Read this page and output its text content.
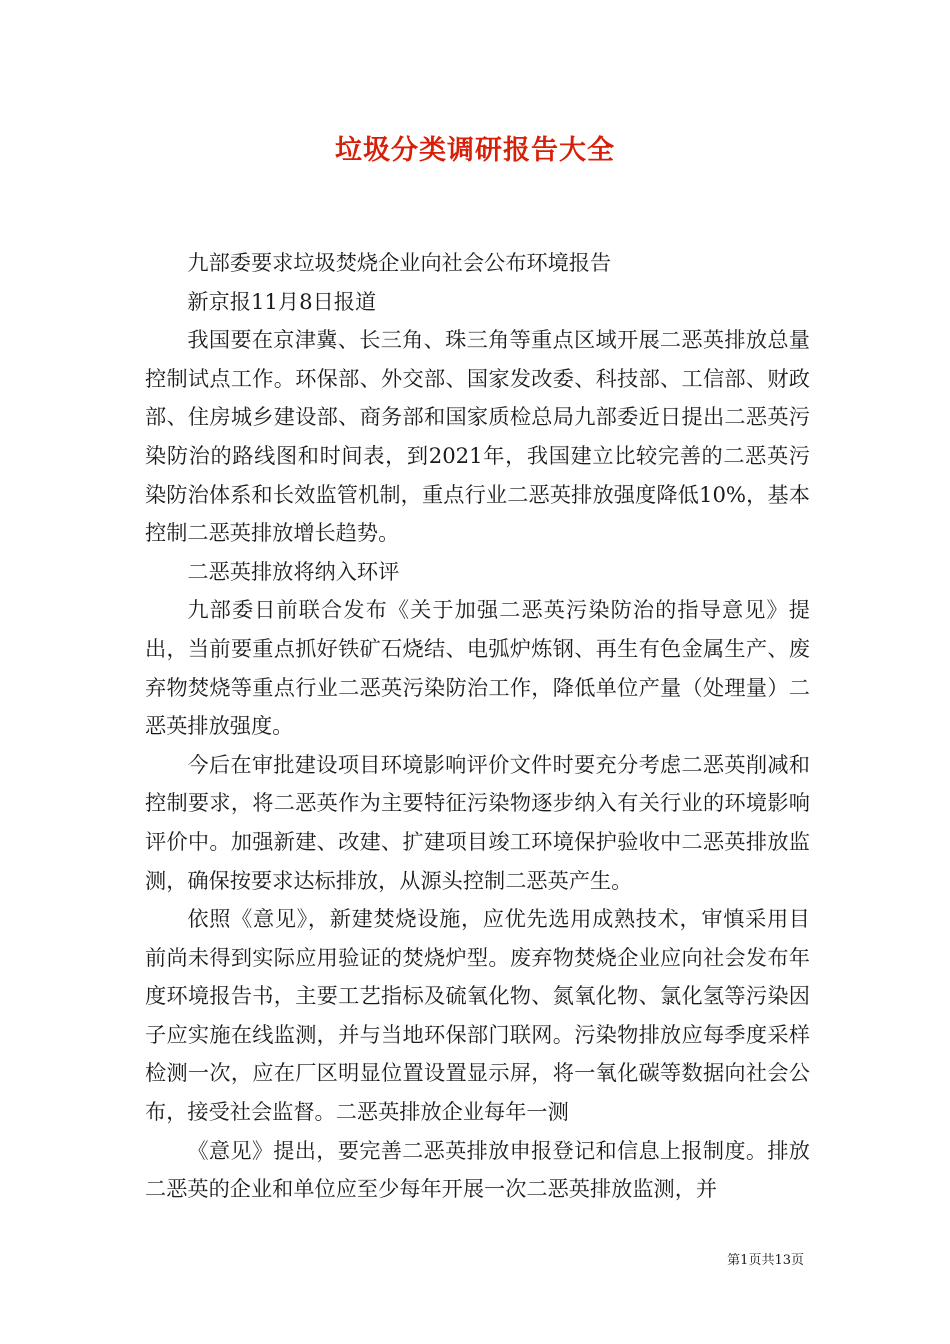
垃圾分类调研报告大全

九部委要求垃圾焚烧企业向社会公布环境报告

新京报11月8日报道

我国要在京津冀、长三角、珠三角等重点区域开展二恶英排放总量控制试点工作。环保部、外交部、国家发改委、科技部、工信部、财政部、住房城乡建设部、商务部和国家质检总局九部委近日提出二恶英污染防治的路线图和时间表，到2021年，我国建立比较完善的二恶英污染防治体系和长效监管机制，重点行业二恶英排放强度降低10%，基本控制二恶英排放增长趋势。

二恶英排放将纳入环评

九部委日前联合发布《关于加强二恶英污染防治的指导意见》提出，当前要重点抓好铁矿石烧结、电弧炉炼钢、再生有色金属生产、废弃物焚烧等重点行业二恶英污染防治工作，降低单位产量（处理量）二恶英排放强度。

今后在审批建设项目环境影响评价文件时要充分考虑二恶英削减和控制要求，将二恶英作为主要特征污染物逐步纳入有关行业的环境影响评价中。加强新建、改建、扩建项目竣工环境保护验收中二恶英排放监测，确保按要求达标排放，从源头控制二恶英产生。

依照《意见》，新建焚烧设施，应优先选用成熟技术，审慎采用目前尚未得到实际应用验证的焚烧炉型。废弃物焚烧企业应向社会发布年度环境报告书，主要工艺指标及硫氧化物、氮氧化物、氯化氢等污染因子应实施在线监测，并与当地环保部门联网。污染物排放应每季度采样检测一次，应在厂区明显位置设置显示屏，将一氧化碳等数据向社会公布，接受社会监督。二恶英排放企业每年一测

《意见》提出，要完善二恶英排放申报登记和信息上报制度。排放二恶英的企业和单位应至少每年开展一次二恶英排放监测，并

第1页共13页
